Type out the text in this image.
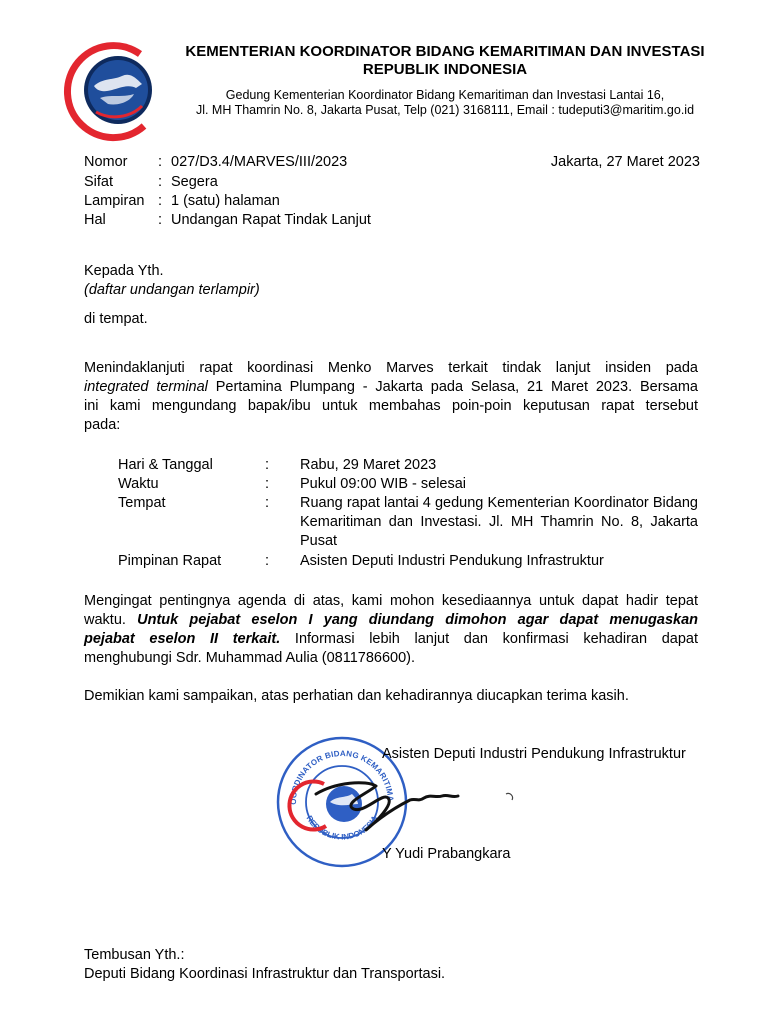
KEMENTERIAN KOORDINATOR BIDANG KEMARITIMAN DAN INVESTASI
REPUBLIK INDONESIA
Gedung Kementerian Koordinator Bidang Kemaritiman dan Investasi Lantai 16,
Jl. MH Thamrin No. 8, Jakarta Pusat, Telp (021) 3168111, Email : tudeputi3@maritim.go.id
Nomor : 027/D3.4/MARVES/III/2023	Jakarta, 27 Maret 2023
Sifat	: Segera
Lampiran : 1 (satu) halaman
Hal	: Undangan Rapat Tindak Lanjut
Kepada Yth.
(daftar undangan terlampir)
di tempat.
Menindaklanjuti rapat koordinasi Menko Marves terkait tindak lanjut insiden pada
integrated terminal Pertamina Plumpang - Jakarta pada Selasa, 21 Maret 2023. Bersama
ini kami mengundang bapak/ibu untuk membahas poin-poin keputusan rapat tersebut
pada:
Hari & Tanggal	: Rabu, 29 Maret 2023
Waktu	: Pukul 09:00 WIB - selesai
Tempat	: Ruang rapat lantai 4 gedung Kementerian Koordinator Bidang Kemaritiman dan Investasi. Jl. MH Thamrin No. 8, Jakarta Pusat
Pimpinan Rapat	: Asisten Deputi Industri Pendukung Infrastruktur
Mengingat pentingnya agenda di atas, kami mohon kesediaannya untuk dapat hadir tepat
waktu. Untuk pejabat eselon I yang diundang dimohon agar dapat menugaskan
pejabat eselon II terkait. Informasi lebih lanjut dan konfirmasi kehadiran dapat
menghubungi Sdr. Muhammad Aulia (0811786600).
Demikian kami sampaikan, atas perhatian dan kehadirannya diucapkan terima kasih.
KEMENTERIAN KOORDINATOR BIDANG KEMARITIMAN DAN INVESTASI
REPUBLIK INDONESIA
Asisten Deputi Industri Pendukung Infrastruktur
Y Yudi Prabangkara
Tembusan Yth.:
Deputi Bidang Koordinasi Infrastruktur dan Transportasi.
